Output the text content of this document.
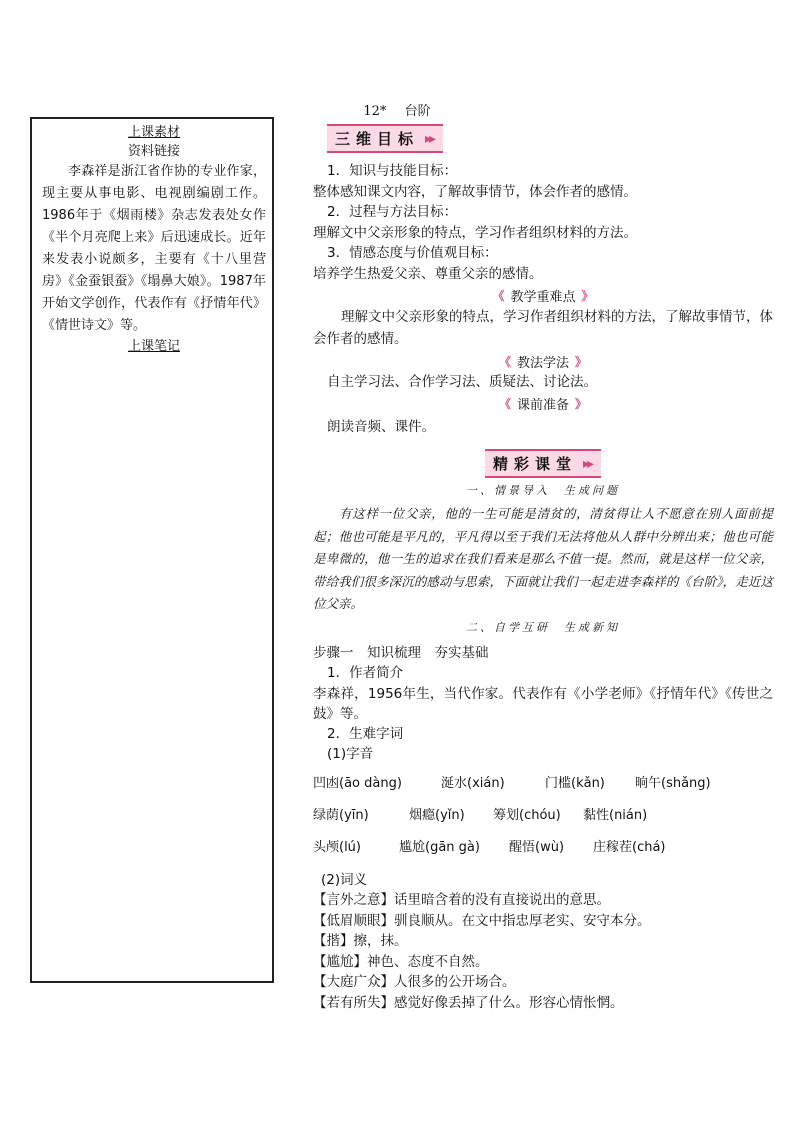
12* 台阶
上课素材
资料链接

李森祥是浙江省作协的专业作家，现主要从事电影、电视剧编剧工作。1986年于《烟雨楼》杂志发表处女作《半个月亮爬上来》后迅速成长。近年来发表小说颇多，主要有《十八里营房》《金蚕银蚕》《塌鼻大娘》。1987年开始文学创作，代表作有《抒情年代》《情世诗文》等。

上课笔记
三维目标 ▸▸
1．知识与技能目标：
整体感知课文内容，了解故事情节，体会作者的感情。
2．过程与方法目标：
理解文中父亲形象的特点，学习作者组织材料的方法。
3．情感态度与价值观目标：
培养学生热爱父亲、尊重父亲的感情。
《 教学重难点 》
理解文中父亲形象的特点，学习作者组织材料的方法，了解故事情节，体会作者的感情。
《 教法学法 》
自主学习法、合作学习法、质疑法、讨论法。
《 课前准备 》
朗读音频、课件。
精彩课堂 ▸▸
一、情景导入　生成问题
有这样一位父亲，他的一生可能是清贫的，清贫得让人不愿意在别人面前提起；他也可能是平凡的，平凡得以至于我们无法将他从人群中分辨出来；他也可能是卑微的，他一生的追求在我们看来是那么不值一提。然而，就是这样一位父亲，带给我们很多深沉的感动与思索，下面就让我们一起走进李森祥的《台阶》，走近这位父亲。
二、自学互研　生成新知
步骤一　知识梳理　夯实基础
1．作者简介
李森祥，1956年生，当代作家。代表作有《小学老师》《抒情年代》《传世之鼓》等。
2．生难字词
(1)字音
凹凼(āo dàng)	涎水(xián)	门槛(kǎn)	晌午(shǎng)
绿荫(yīn)	烟瘾(yǐn)	筹划(chóu)	黏性(nián)
头颅(lú)	尴尬(gān gà)	醒悟(wù)	庄稼茬(chá)
(2)词义
【言外之意】话里暗含着的没有直接说出的意思。
【低眉顺眼】驯良顺从。在文中指忠厚老实、安守本分。
【揩】擦，抹。
【尴尬】神色、态度不自然。
【大庭广众】人很多的公开场合。
【若有所失】感觉好像丢掉了什么。形容心情怅惘。
